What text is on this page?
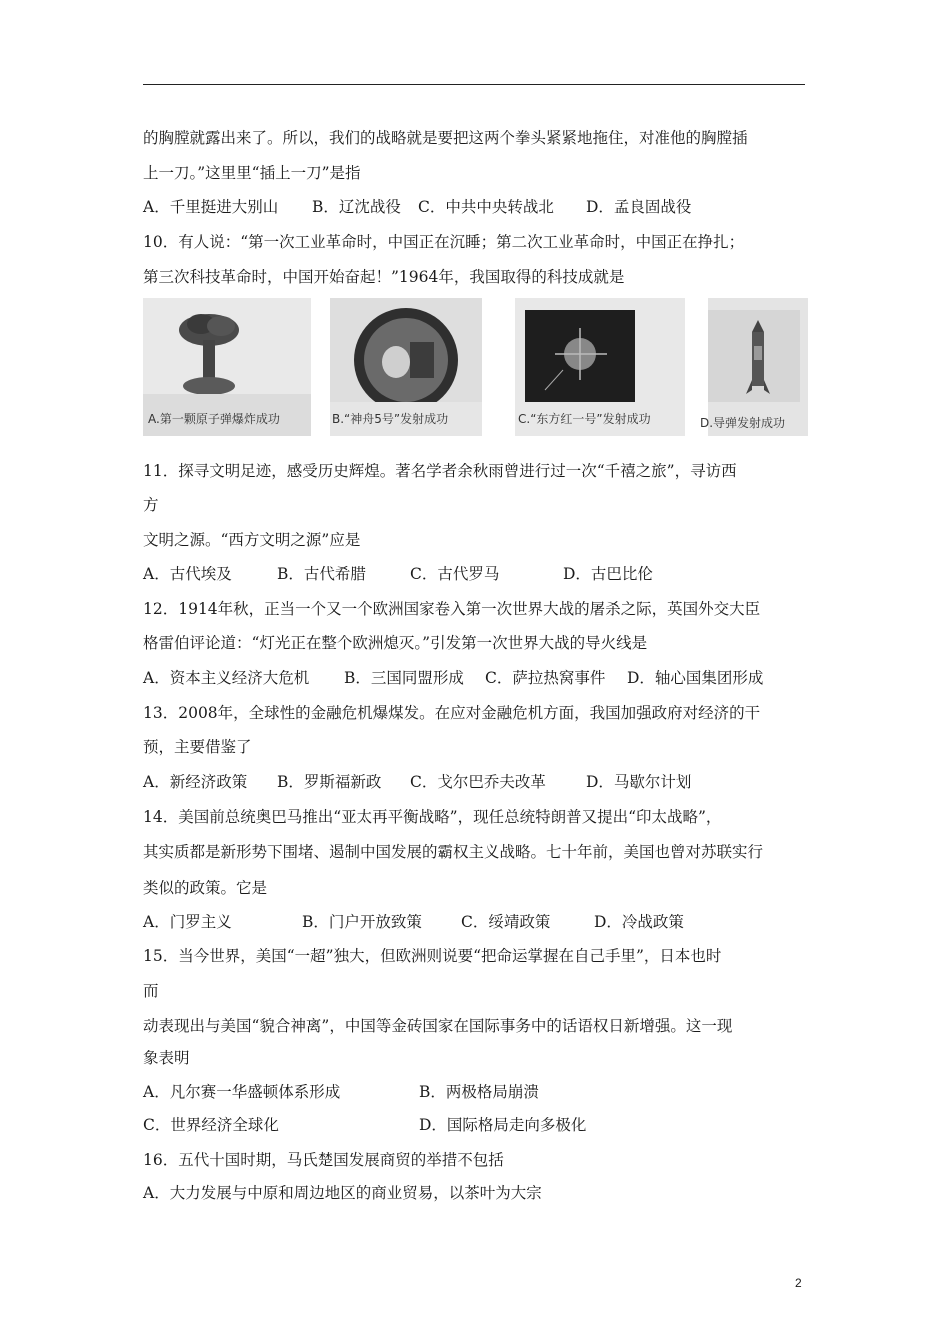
的胸膛就露出来了。所以，我们的战略就是要把这两个拳头紧紧地拖住，对准他的胸膛插
上一刀。”这里里“插上一刀”是指
A．千里挺进大别山 B．辽沈战役 C．中共中央转战北 D．孟良固战役
10．有人说：“第一次工业革命时，中国正在沉睡；第二次工业革命时，中国正在挣扎；
第三次科技革命时，中国开始奋起！”1964年，我国取得的科技成就是
A.第一颗原子弹爆炸成功	B.“神舟5号”发射成功	C.“东方红一号”发射成功	D.导弹发射成功
11．探寻文明足迹，感受历史辉煌。著名学者余秋雨曾进行过一次“千禧之旅”，寻访西
方
文明之源。“西方文明之源”应是
A．古代埃及	B．古代希腊	C．古代罗马	D．古巴比伦
12．1914年秋，正当一个又一个欧洲国家卷入第一次世界大战的屠杀之际，英国外交大臣
格雷伯评论道：“灯光正在整个欧洲熄灭。”引发第一次世界大战的导火线是
A．资本主义经济大危机 B．三国同盟形成 C．萨拉热窝事件 D．轴心国集团形成
13．2008年，全球性的金融危机爆煤发。在应对金融危机方面，我国加强政府对经济的干
预，主要借鉴了
A．新经济政策 B．罗斯福新政 C．戈尔巴乔夫改革	D．马歇尔计划
14．美国前总统奥巴马推出“亚太再平衡战略”，现任总统特朗普又提出“印太战略”，
其实质都是新形势下围堵、遏制中国发展的霸权主义战略。七十年前，美国也曾对苏联实行
类似的政策。它是
A．门罗主义	B．门户开放致策	C．绥靖政策	D．冷战政策
15．当今世界，美国“一超”独大，但欧洲则说要“把命运掌握在自己手里”，日本也时
而
动表现出与美国“貌合神离”，中国等金砖国家在国际事务中的话语权日新增强。这一现
象表明
A．凡尔赛一华盛顿体系形成	B．两极格局崩溃
C．世界经济全球化	D．国际格局走向多极化
16．五代十国时期，马氏楚国发展商贸的举措不包括
A．大力发展与中原和周边地区的商业贸易，以茶叶为大宗
2
